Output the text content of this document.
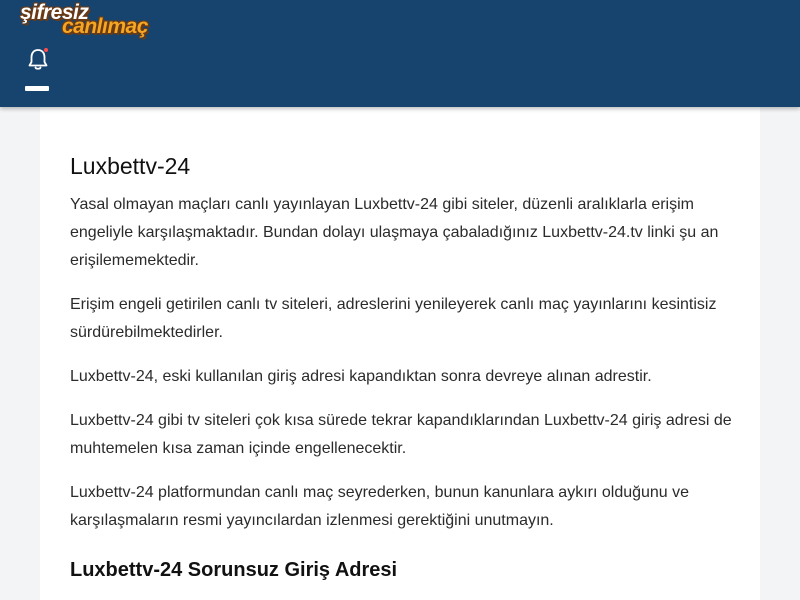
şifresiz
canlımaç
Luxbettv-24

Yasal olmayan maçları canlı yayınlayan Luxbettv-24 gibi siteler, düzenli aralıklarla erişim engeliyle karşılaşmaktadır. Bundan dolayı ulaşmaya çabaladığınız Luxbettv-24.tv linki şu an erişilememektedir.

Erişim engeli getirilen canlı tv siteleri, adreslerini yenileyerek canlı maç yayınlarını kesintisiz sürdürebilmektedirler.

Luxbettv-24, eski kullanılan giriş adresi kapandıktan sonra devreye alınan adrestir.

Luxbettv-24 gibi tv siteleri çok kısa sürede tekrar kapandıklarından Luxbettv-24 giriş adresi de muhtemelen kısa zaman içinde engellenecektir.

Luxbettv-24 platformundan canlı maç seyrederken, bunun kanunlara aykırı olduğunu ve karşılaşmaların resmi yayıncılardan izlenmesi gerektiğini unutmayın.

Luxbettv-24 Sorunsuz Giriş Adresi
